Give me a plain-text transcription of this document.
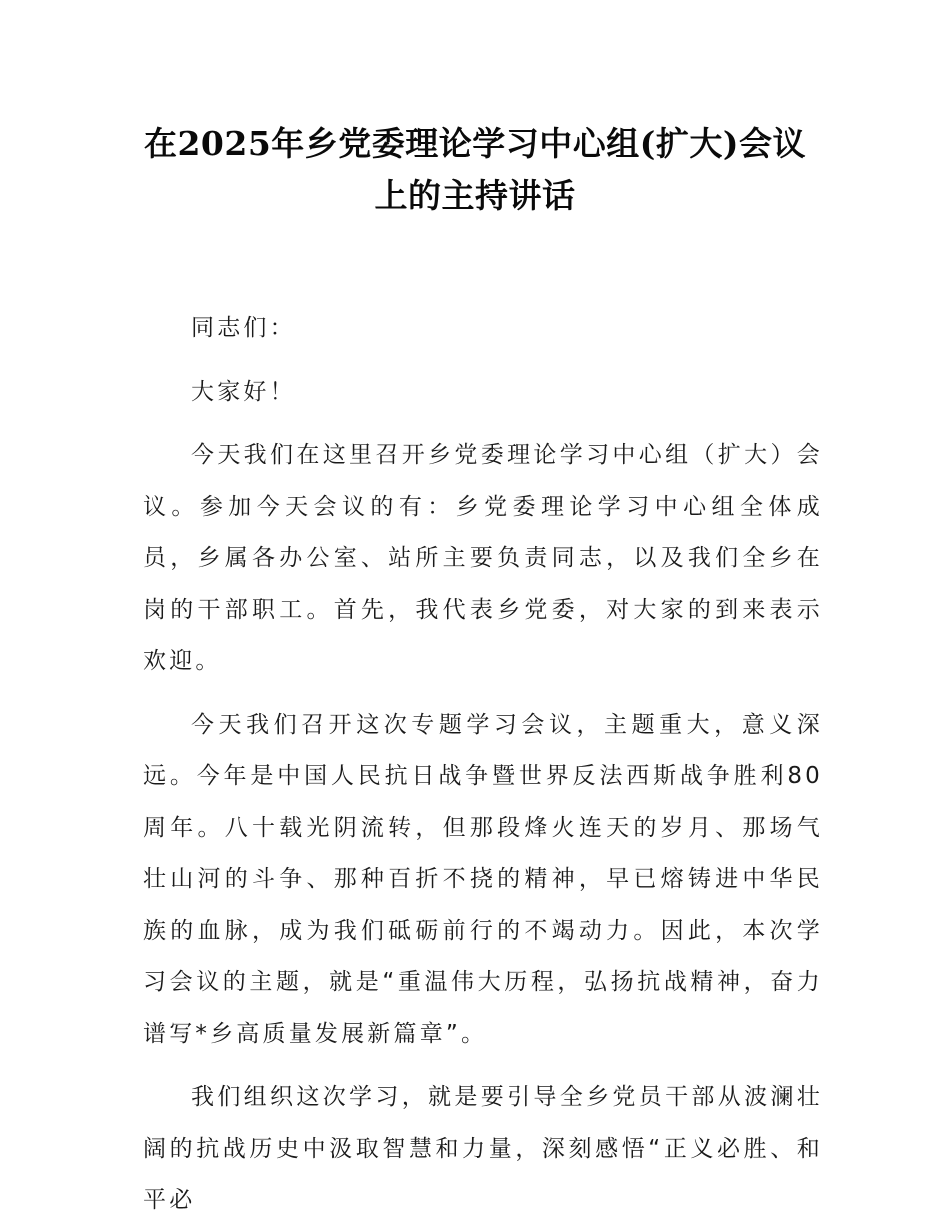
在2025年乡党委理论学习中心组(扩大)会议
上的主持讲话

同志们：

大家好！

今天我们在这里召开乡党委理论学习中心组（扩大）会议。参加今天会议的有：乡党委理论学习中心组全体成员，乡属各办公室、站所主要负责同志，以及我们全乡在岗的干部职工。首先，我代表乡党委，对大家的到来表示欢迎。

今天我们召开这次专题学习会议，主题重大，意义深远。今年是中国人民抗日战争暨世界反法西斯战争胜利80周年。八十载光阴流转，但那段烽火连天的岁月、那场气壮山河的斗争、那种百折不挠的精神，早已熔铸进中华民族的血脉，成为我们砥砺前行的不竭动力。因此，本次学习会议的主题，就是“重温伟大历程，弘扬抗战精神，奋力谱写*乡高质量发展新篇章”。

我们组织这次学习，就是要引导全乡党员干部从波澜壮阔的抗战历史中汲取智慧和力量，深刻感悟“正义必胜、和平必
